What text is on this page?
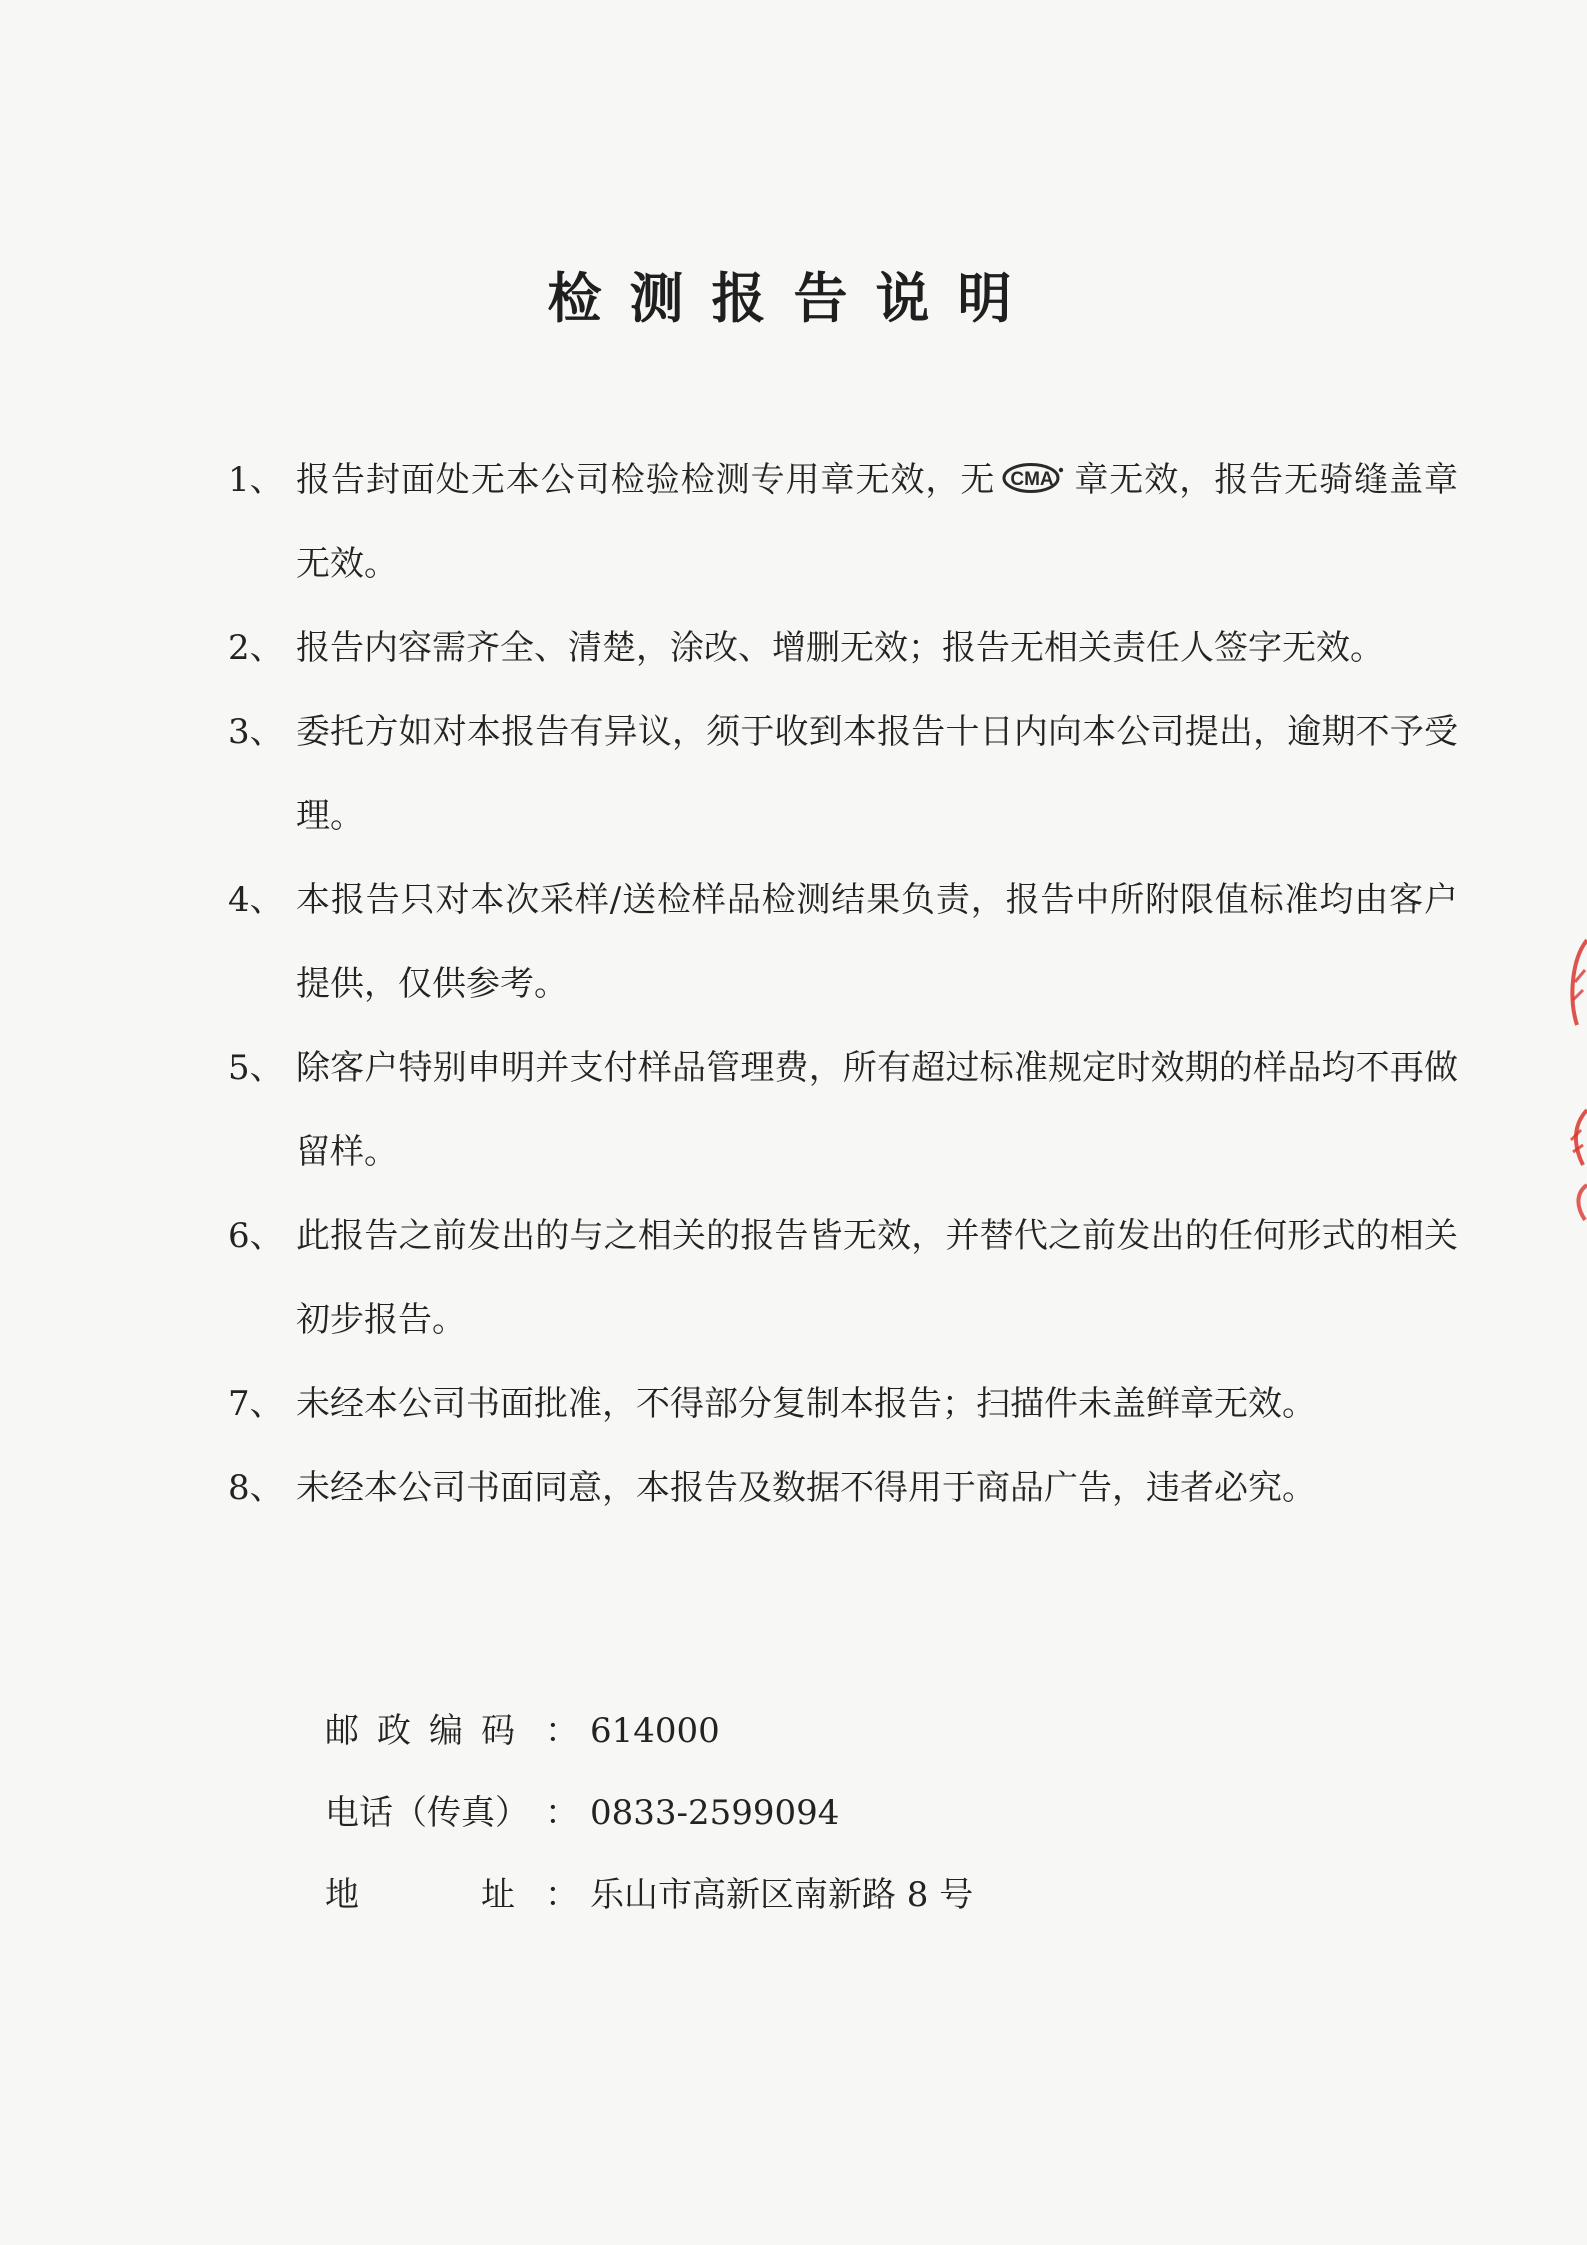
检测报告说明
1、 报告封面处无本公司检验检测专用章无效，无 CMA 章无效，报告无骑缝盖章无效。
2、 报告内容需齐全、清楚，涂改、增删无效；报告无相关责任人签字无效。
3、 委托方如对本报告有异议，须于收到本报告十日内向本公司提出，逾期不予受理。
4、 本报告只对本次采样/送检样品检测结果负责，报告中所附限值标准均由客户提供，仅供参考。
5、 除客户特别申明并支付样品管理费，所有超过标准规定时效期的样品均不再做留样。
6、 此报告之前发出的与之相关的报告皆无效，并替代之前发出的任何形式的相关初步报告。
7、 未经本公司书面批准，不得部分复制本报告；扫描件未盖鲜章无效。
8、 未经本公司书面同意，本报告及数据不得用于商品广告，违者必究。
邮 政 编 码 ： 614000
电话（传真） ： 0833-2599094
地	址 ： 乐山市高新区南新路 8 号
